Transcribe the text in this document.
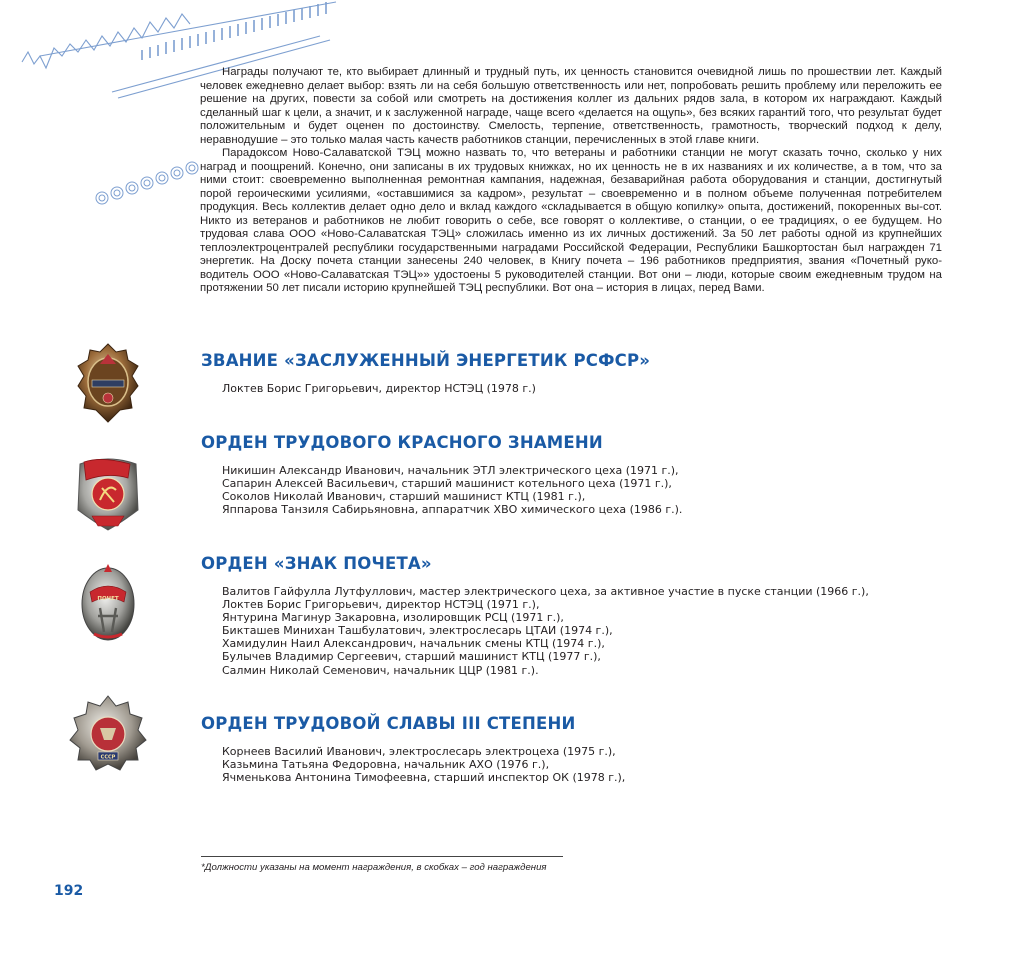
Награды получают те, кто выбирает длинный и трудный путь, их ценность становится очевидной лишь по прошествии лет. Каждый человек ежедневно делает выбор: взять ли на себя большую ответственность или нет, попробовать решить проблему или переложить ее решение на других, повести за собой или смотреть на достижения коллег из дальних рядов зала, в котором их награждают. Каждый сделанный шаг к цели, а значит, и к заслуженной награде, чаще всего «делается на ощупь», без всяких гарантий того, что результат будет положительным и будет оценен по достоинству. Смелость, терпение, ответственность, грамотность, творческий подход к делу, неравнодушие – это только малая часть качеств работников станции, перечисленных в этой главе книги.

Парадоксом Ново-Салаватской ТЭЦ можно назвать то, что ветераны и работники станции не могут сказать точно, сколько у них наград и поощрений. Конечно, они записаны в их трудовых книжках, но их ценность не в их названиях и их количестве, а в том, что за ними стоит: своевременно выполненная ремонтная кампания, надежная, безаварийная работа оборудования и станции, достигнутый порой героическими усилиями, «оставшимися за кадром», результат – своевременно и в полном объеме полученная потребителем продукция. Весь коллектив делает одно дело и вклад каждого «складывается в общую копилку» опыта, достижений, покоренных вы-сот. Никто из ветеранов и работников не любит говорить о себе, все говорят о коллективе, о станции, о ее традициях, о ее будущем. Но трудовая слава ООО «Ново-Салаватская ТЭЦ» сложилась именно из их личных достижений. За 50 лет работы одной из крупнейших теплоэлектроцентралей республики государственными наградами Российской Федерации, Республики Башкортостан был награжден 71 энергетик. На Доску почета станции занесены 240 человек, в Книгу почета – 196 работников предприятия, звания «Почетный руко-водитель ООО «Ново-Салаватская ТЭЦ»» удостоены 5 руководителей станции. Вот они – люди, которые своим ежедневным трудом на протяжении 50 лет писали историю крупнейшей ТЭЦ республики. Вот она – история в лицах, перед Вами.

ЗВАНИЕ «ЗАСЛУЖЕННЫЙ ЭНЕРГЕТИК РСФСР»
Локтев Борис Григорьевич, директор НСТЭЦ (1978 г.)
ОРДЕН ТРУДОВОГО КРАСНОГО ЗНАМЕНИ
Никишин Александр Иванович, начальник ЭТЛ электрического цеха (1971 г.),
Сапарин Алексей Васильевич, старший машинист котельного цеха (1971 г.),
Соколов Николай Иванович, старший машинист КТЦ (1981 г.),
Яппарова Танзиля Сабирьяновна, аппаратчик ХВО химического цеха (1986 г.).
ПОЧЕТ
ОРДЕН «ЗНАК ПОЧЕТА»
Валитов Гайфулла Лутфуллович, мастер электрического цеха, за активное участие в пуске станции (1966 г.),
Локтев Борис Григорьевич, директор НСТЭЦ (1971 г.),
Янтурина Магинур Закаровна, изолировщик РСЦ (1971 г.),
Бикташев Минихан Ташбулатович, электрослесарь ЦТАИ (1974 г.),
Хамидулин Наил Александрович, начальник смены КТЦ (1974 г.),
Булычев Владимир Сергеевич, старший машинист КТЦ (1977 г.),
Салмин Николай Семенович, начальник ЦЦР (1981 г.).
СССР
ОРДЕН ТРУДОВОЙ СЛАВЫ III СТЕПЕНИ
Корнеев Василий Иванович, электрослесарь электроцеха (1975 г.),
Казьмина Татьяна Федоровна, начальник АХО (1976 г.),
Ячменькова Антонина Тимофеевна, старший инспектор ОК (1978 г.),
*Должности указаны на момент награждения, в скобках – год награждения
192
